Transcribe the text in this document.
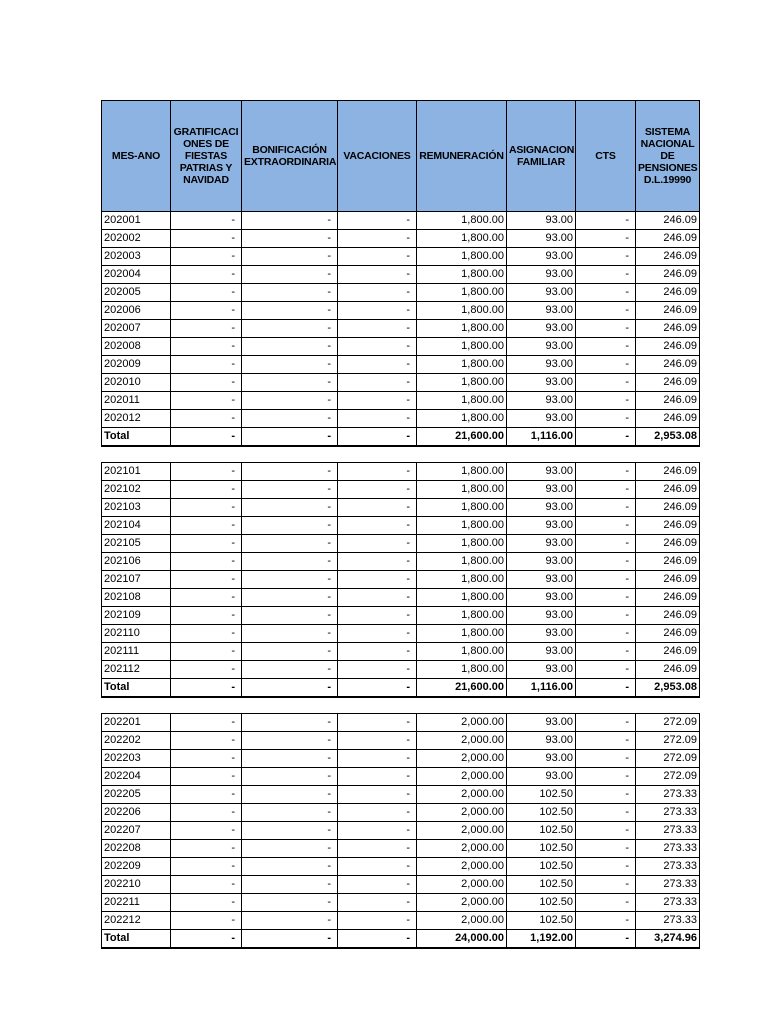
MES-ANO	GRATIFICACI ONES DE FIESTAS PATRIAS Y NAVIDAD	BONIFICACIÓN EXTRAORDINARIA	VACACIONES	REMUNERACIÓN	ASIGNACION FAMILIAR	CTS	SISTEMA NACIONAL DE PENSIONES D.L.19990
202001	-	-	-	1,800.00	93.00	-	246.09
202002	-	-	-	1,800.00	93.00	-	246.09
202003	-	-	-	1,800.00	93.00	-	246.09
202004	-	-	-	1,800.00	93.00	-	246.09
202005	-	-	-	1,800.00	93.00	-	246.09
202006	-	-	-	1,800.00	93.00	-	246.09
202007	-	-	-	1,800.00	93.00	-	246.09
202008	-	-	-	1,800.00	93.00	-	246.09
202009	-	-	-	1,800.00	93.00	-	246.09
202010	-	-	-	1,800.00	93.00	-	246.09
202011	-	-	-	1,800.00	93.00	-	246.09
202012	-	-	-	1,800.00	93.00	-	246.09
Total	-	-	-	21,600.00	1,116.00	-	2,953.08

202101	-	-	-	1,800.00	93.00	-	246.09
202102	-	-	-	1,800.00	93.00	-	246.09
202103	-	-	-	1,800.00	93.00	-	246.09
202104	-	-	-	1,800.00	93.00	-	246.09
202105	-	-	-	1,800.00	93.00	-	246.09
202106	-	-	-	1,800.00	93.00	-	246.09
202107	-	-	-	1,800.00	93.00	-	246.09
202108	-	-	-	1,800.00	93.00	-	246.09
202109	-	-	-	1,800.00	93.00	-	246.09
202110	-	-	-	1,800.00	93.00	-	246.09
202111	-	-	-	1,800.00	93.00	-	246.09
202112	-	-	-	1,800.00	93.00	-	246.09
Total	-	-	-	21,600.00	1,116.00	-	2,953.08

202201	-	-	-	2,000.00	93.00	-	272.09
202202	-	-	-	2,000.00	93.00	-	272.09
202203	-	-	-	2,000.00	93.00	-	272.09
202204	-	-	-	2,000.00	93.00	-	272.09
202205	-	-	-	2,000.00	102.50	-	273.33
202206	-	-	-	2,000.00	102.50	-	273.33
202207	-	-	-	2,000.00	102.50	-	273.33
202208	-	-	-	2,000.00	102.50	-	273.33
202209	-	-	-	2,000.00	102.50	-	273.33
202210	-	-	-	2,000.00	102.50	-	273.33
202211	-	-	-	2,000.00	102.50	-	273.33
202212	-	-	-	2,000.00	102.50	-	273.33
Total	-	-	-	24,000.00	1,192.00	-	3,274.96
